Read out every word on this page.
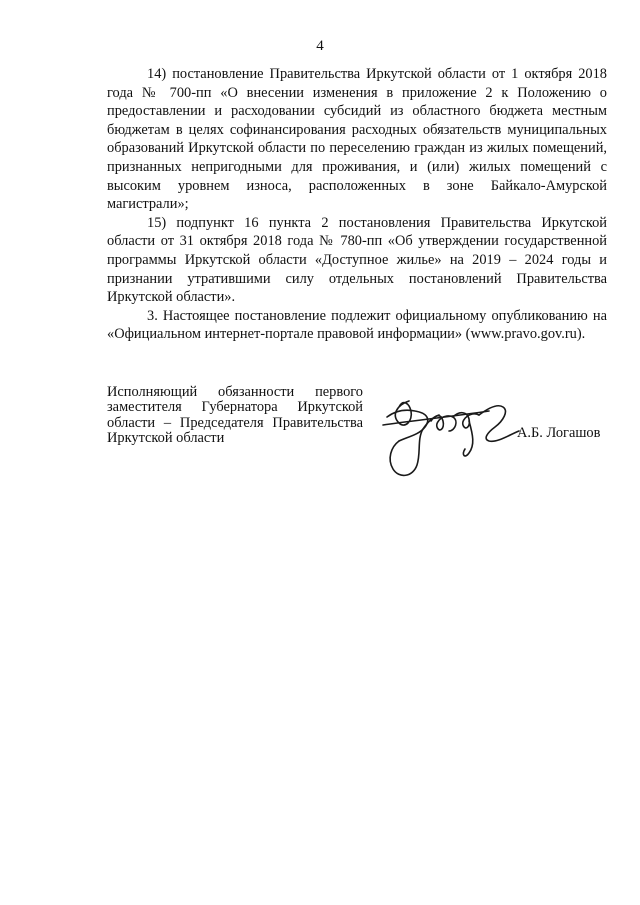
4

14) постановление Правительства Иркутской области от 1 октября 2018 года № 700-пп «О внесении изменения в приложение 2 к Положению о предоставлении и расходовании субсидий из областного бюджета местным бюджетам в целях софинансирования расходных обязательств муниципальных образований Иркутской области по переселению граждан из жилых помещений, признанных непригодными для проживания, и (или) жилых помещений с высоким уровнем износа, расположенных в зоне Байкало-Амурской магистрали»;

15) подпункт 16 пункта 2 постановления Правительства Иркутской области от 31 октября 2018 года № 780-пп «Об утверждении государственной программы Иркутской области «Доступное жилье» на 2019 – 2024 годы и признании утратившими силу отдельных постановлений Правительства Иркутской области».

3. Настоящее постановление подлежит официальному опубликованию на «Официальном интернет-портале правовой информации» (www.pravo.gov.ru).

Исполняющий обязанности первого заместителя Губернатора Иркутской области – Председателя Правительства Иркутской области	А.Б. Логашов
